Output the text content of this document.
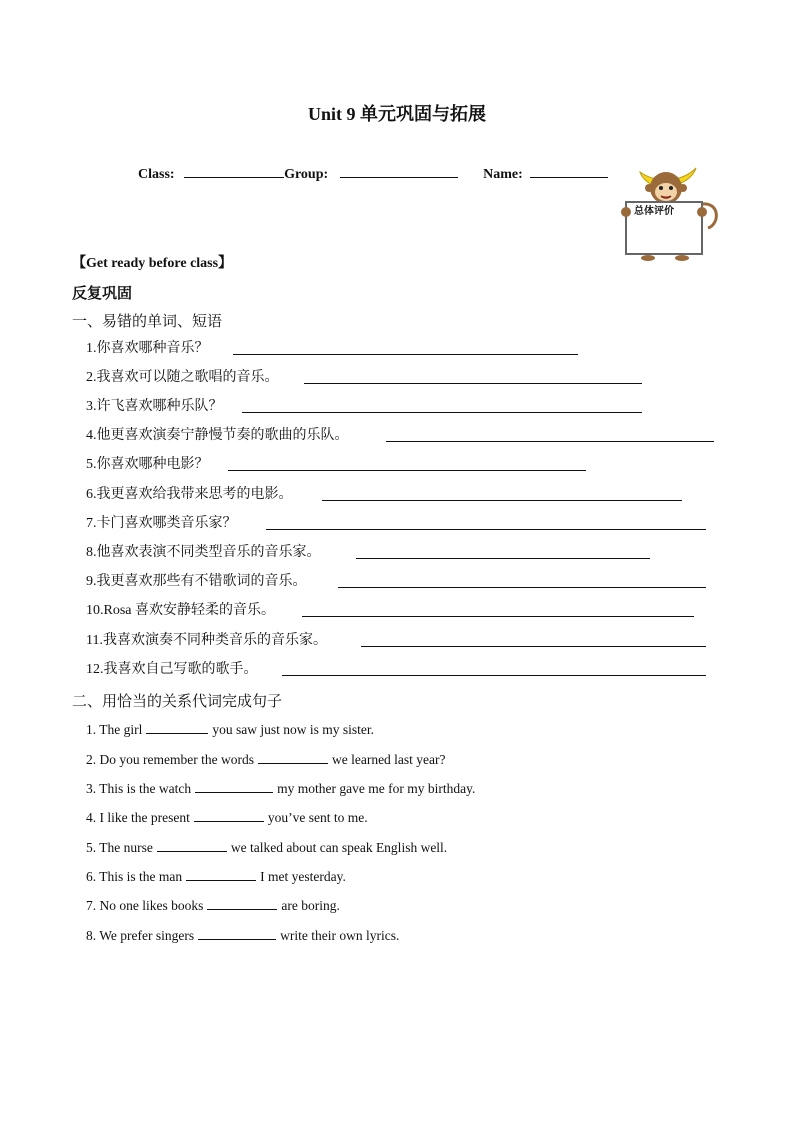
Unit 9 单元巩固与拓展
Class:	Group:	Name:
总体评价
【Get ready before class】
反复巩固
一、易错的单词、短语
1.你喜欢哪种音乐？
2.我喜欢可以随之歌唱的音乐。
3.许飞喜欢哪种乐队？
4.他更喜欢演奏宁静慢节奏的歌曲的乐队。
5.你喜欢哪种电影？
6.我更喜欢给我带来思考的电影。
7.卡门喜欢哪类音乐家？
8.他喜欢表演不同类型音乐的音乐家。
9.我更喜欢那些有不错歌词的音乐。
10.Rosa 喜欢安静轻柔的音乐。
11.我喜欢演奏不同种类音乐的音乐家。
12.我喜欢自己写歌的歌手。
二、用恰当的关系代词完成句子
1. The girl	you saw just now is my sister.
2. Do you remember the words	we learned last year?
3. This is the watch	my mother gave me for my birthday.
4. I like the present	you’ve sent to me.
5. The nurse	we talked about can speak English well.
6. This is the man	I met yesterday.
7. No one likes books	are boring.
8. We prefer singers	write their own lyrics.
